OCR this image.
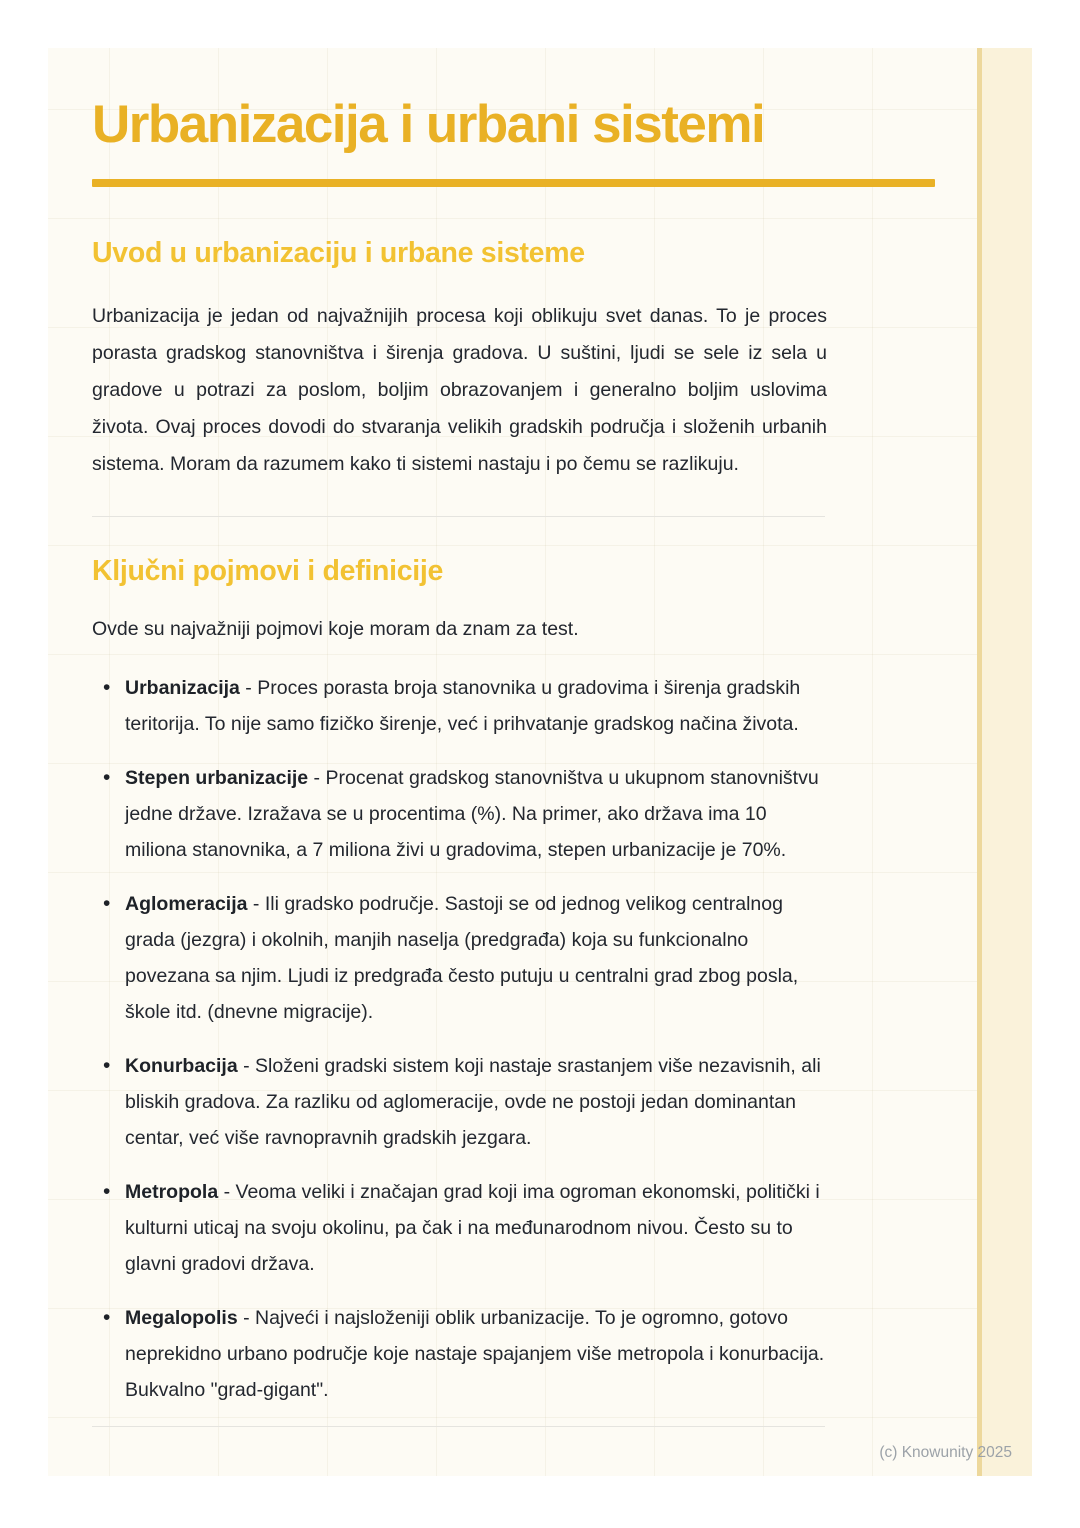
Urbanizacija i urbani sistemi
Uvod u urbanizaciju i urbane sisteme

Urbanizacija je jedan od najvažnijih procesa koji oblikuju svet danas. To je proces porasta gradskog stanovništva i širenja gradova. U suštini, ljudi se sele iz sela u gradove u potrazi za poslom, boljim obrazovanjem i generalno boljim uslovima života. Ovaj proces dovodi do stvaranja velikih gradskih područja i složenih urbanih sistema. Moram da razumem kako ti sistemi nastaju i po čemu se razlikuju.

Ključni pojmovi i definicije

Ovde su najvažniji pojmovi koje moram da znam za test.

• Urbanizacija - Proces porasta broja stanovnika u gradovima i širenja gradskih teritorija. To nije samo fizičko širenje, već i prihvatanje gradskog načina života.
• Stepen urbanizacije - Procenat gradskog stanovništva u ukupnom stanovništvu jedne države. Izražava se u procentima (%). Na primer, ako država ima 10 miliona stanovnika, a 7 miliona živi u gradovima, stepen urbanizacije je 70%.
• Aglomeracija - Ili gradsko područje. Sastoji se od jednog velikog centralnog grada (jezgra) i okolnih, manjih naselja (predgrađa) koja su funkcionalno povezana sa njim. Ljudi iz predgrađa često putuju u centralni grad zbog posla, škole itd. (dnevne migracije).
• Konurbacija - Složeni gradski sistem koji nastaje srastanjem više nezavisnih, ali bliskih gradova. Za razliku od aglomeracije, ovde ne postoji jedan dominantan centar, već više ravnopravnih gradskih jezgara.
• Metropola - Veoma veliki i značajan grad koji ima ogroman ekonomski, politički i kulturni uticaj na svoju okolinu, pa čak i na međunarodnom nivou. Često su to glavni gradovi država.
• Megalopolis - Najveći i najsloženiji oblik urbanizacije. To je ogromno, gotovo neprekidno urbano područje koje nastaje spajanjem više metropola i konurbacija. Bukvalno "grad-gigant".
(c) Knowunity 2025
